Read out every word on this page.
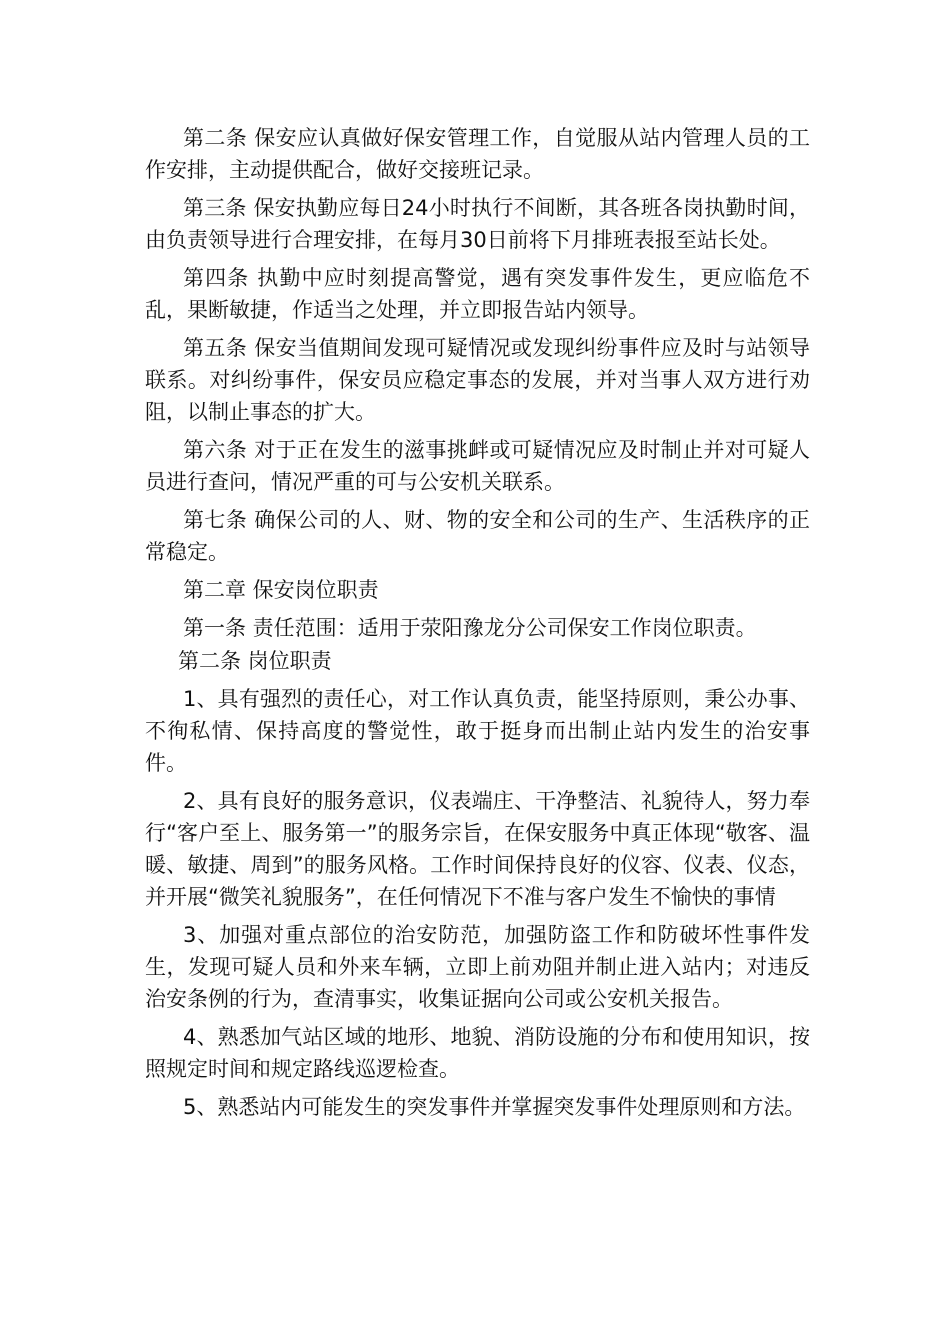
第二条 保安应认真做好保安管理工作，自觉服从站内管理人员的工作安排，主动提供配合，做好交接班记录。

第三条 保安执勤应每日24小时执行不间断，其各班各岗执勤时间，由负责领导进行合理安排，在每月30日前将下月排班表报至站长处。

第四条 执勤中应时刻提高警觉，遇有突发事件发生，更应临危不乱，果断敏捷，作适当之处理，并立即报告站内领导。

第五条 保安当值期间发现可疑情况或发现纠纷事件应及时与站领导联系。对纠纷事件，保安员应稳定事态的发展，并对当事人双方进行劝阻，以制止事态的扩大。

第六条 对于正在发生的滋事挑衅或可疑情况应及时制止并对可疑人员进行查问，情况严重的可与公安机关联系。

第七条 确保公司的人、财、物的安全和公司的生产、生活秩序的正常稳定。

第二章 保安岗位职责

第一条 责任范围：适用于荥阳豫龙分公司保安工作岗位职责。

第二条 岗位职责

1、具有强烈的责任心，对工作认真负责，能坚持原则，秉公办事、不徇私情、保持高度的警觉性，敢于挺身而出制止站内发生的治安事件。

2、具有良好的服务意识，仪表端庄、干净整洁、礼貌待人，努力奉行“客户至上、服务第一”的服务宗旨，在保安服务中真正体现“敬客、温暖、敏捷、周到”的服务风格。工作时间保持良好的仪容、仪表、仪态，并开展“微笑礼貌服务”，在任何情况下不准与客户发生不愉快的事情

3、加强对重点部位的治安防范，加强防盗工作和防破坏性事件发生，发现可疑人员和外来车辆，立即上前劝阻并制止进入站内；对违反治安条例的行为，查清事实，收集证据向公司或公安机关报告。

4、熟悉加气站区域的地形、地貌、消防设施的分布和使用知识，按照规定时间和规定路线巡逻检查。

5、熟悉站内可能发生的突发事件并掌握突发事件处理原则和方法。
